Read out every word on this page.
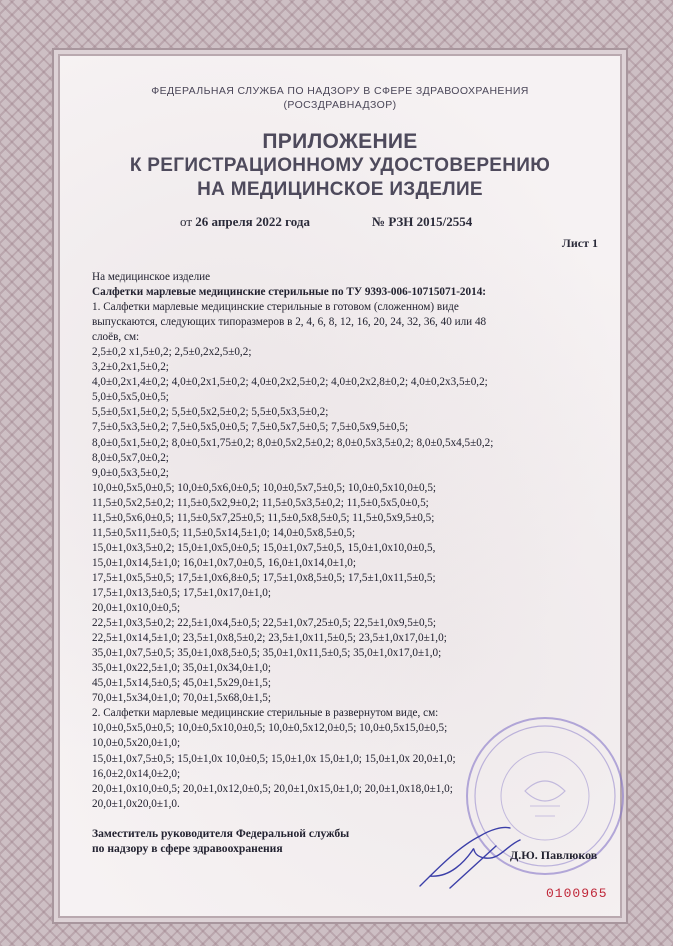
ФЕДЕРАЛЬНАЯ СЛУЖБА ПО НАДЗОРУ В СФЕРЕ ЗДРАВООХРАНЕНИЯ
(РОСЗДРАВНАДЗОР)
ПРИЛОЖЕНИЕ
К РЕГИСТРАЦИОННОМУ УДОСТОВЕРЕНИЮ
НА МЕДИЦИНСКОЕ ИЗДЕЛИЕ
от 26 апреля 2022 года	№ РЗН 2015/2554
Лист 1
На медицинское изделие
Салфетки марлевые медицинские стерильные по ТУ 9393-006-10715071-2014:
1. Салфетки марлевые медицинские стерильные в готовом (сложенном) виде
выпускаются, следующих типоразмеров в 2, 4, 6, 8, 12, 16, 20, 24, 32, 36, 40 или 48
слоёв, см:
2,5±0,2 х1,5±0,2; 2,5±0,2х2,5±0,2;
3,2±0,2х1,5±0,2;
4,0±0,2х1,4±0,2; 4,0±0,2х1,5±0,2; 4,0±0,2х2,5±0,2; 4,0±0,2х2,8±0,2; 4,0±0,2х3,5±0,2;
5,0±0,5х5,0±0,5;
5,5±0,5х1,5±0,2; 5,5±0,5х2,5±0,2; 5,5±0,5х3,5±0,2;
7,5±0,5х3,5±0,2; 7,5±0,5х5,0±0,5; 7,5±0,5х7,5±0,5; 7,5±0,5х9,5±0,5;
8,0±0,5х1,5±0,2; 8,0±0,5х1,75±0,2; 8,0±0,5х2,5±0,2; 8,0±0,5х3,5±0,2; 8,0±0,5х4,5±0,2;
8,0±0,5х7,0±0,2;
9,0±0,5х3,5±0,2;
10,0±0,5х5,0±0,5; 10,0±0,5х6,0±0,5; 10,0±0,5х7,5±0,5; 10,0±0,5х10,0±0,5;
11,5±0,5х2,5±0,2; 11,5±0,5х2,9±0,2; 11,5±0,5х3,5±0,2; 11,5±0,5х5,0±0,5;
11,5±0,5х6,0±0,5; 11,5±0,5х7,25±0,5; 11,5±0,5х8,5±0,5; 11,5±0,5х9,5±0,5;
11,5±0,5х11,5±0,5; 11,5±0,5х14,5±1,0; 14,0±0,5х8,5±0,5;
15,0±1,0х3,5±0,2; 15,0±1,0х5,0±0,5; 15,0±1,0х7,5±0,5, 15,0±1,0х10,0±0,5,
15,0±1,0х14,5±1,0; 16,0±1,0х7,0±0,5, 16,0±1,0х14,0±1,0;
17,5±1,0х5,5±0,5; 17,5±1,0х6,8±0,5; 17,5±1,0х8,5±0,5; 17,5±1,0х11,5±0,5;
17,5±1,0х13,5±0,5; 17,5±1,0х17,0±1,0;
20,0±1,0х10,0±0,5;
22,5±1,0х3,5±0,2; 22,5±1,0х4,5±0,5; 22,5±1,0х7,25±0,5; 22,5±1,0х9,5±0,5;
22,5±1,0х14,5±1,0; 23,5±1,0х8,5±0,2; 23,5±1,0х11,5±0,5; 23,5±1,0х17,0±1,0;
35,0±1,0х7,5±0,5; 35,0±1,0х8,5±0,5; 35,0±1,0х11,5±0,5; 35,0±1,0х17,0±1,0;
35,0±1,0х22,5±1,0; 35,0±1,0х34,0±1,0;
45,0±1,5х14,5±0,5; 45,0±1,5х29,0±1,5;
70,0±1,5х34,0±1,0; 70,0±1,5х68,0±1,5;
2. Салфетки марлевые медицинские стерильные в развернутом виде, см:
10,0±0,5х5,0±0,5; 10,0±0,5х10,0±0,5; 10,0±0,5х12,0±0,5; 10,0±0,5х15,0±0,5;
10,0±0,5х20,0±1,0;
15,0±1,0х7,5±0,5; 15,0±1,0х 10,0±0,5; 15,0±1,0х 15,0±1,0; 15,0±1,0х 20,0±1,0;
16,0±2,0х14,0±2,0;
20,0±1,0х10,0±0,5; 20,0±1,0х12,0±0,5; 20,0±1,0х15,0±1,0; 20,0±1,0х18,0±1,0;
20,0±1,0х20,0±1,0.
Заместитель руководителя Федеральной службы
по надзору в сфере здравоохранения	Д.Ю. Павлюков
0100965
